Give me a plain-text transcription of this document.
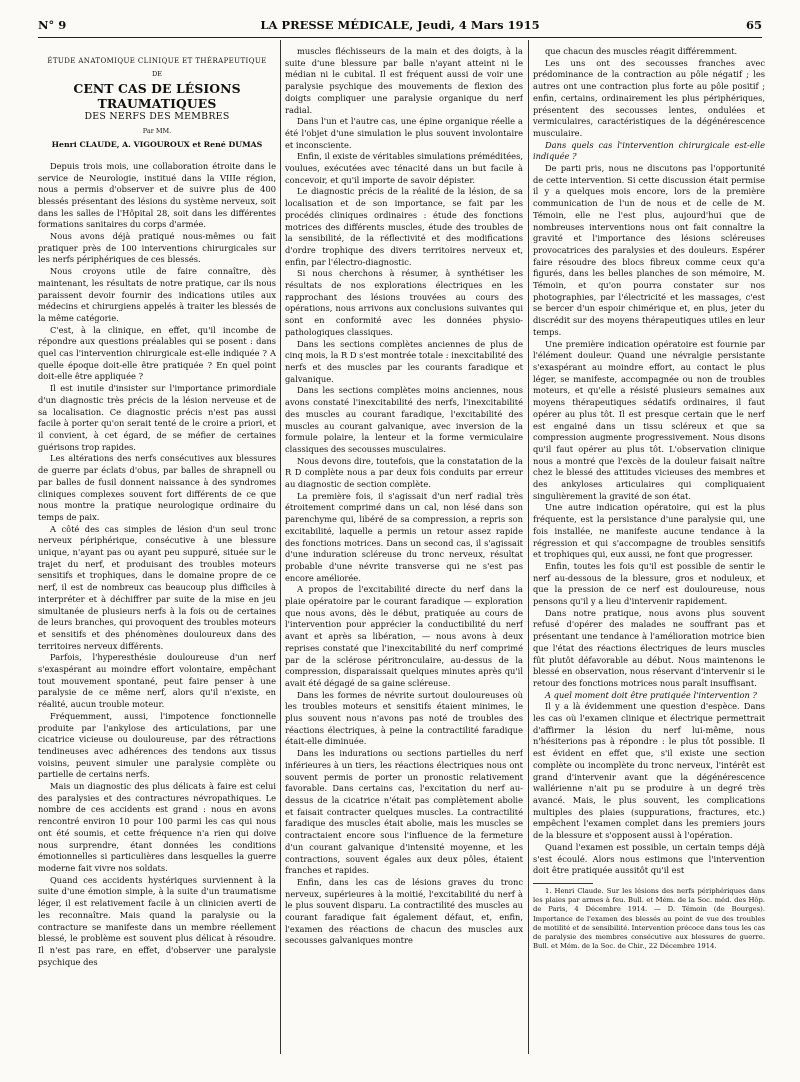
N° 9	LA PRESSE MÉDICALE, Jeudi, 4 Mars 1915	65
ÉTUDE ANATOMIQUE CLINIQUE ET THÉRAPEUTIQUE
DE
CENT CAS DE LÉSIONS TRAUMATIQUES
DES NERFS DES MEMBRES
Par MM.
Henri CLAUDE, A. VIGOUROUX et René DUMAS

Depuis trois mois, une collaboration étroite dans le service de Neurologie, institué dans la VIIIe région, nous a permis d'observer et de suivre plus de 400 blessés présentant des lésions du système nerveux, soit dans les salles de l'Hôpital 28, soit dans les différentes formations sanitaires du corps d'armée.

Nous avons déjà pratiqué nous-mêmes ou fait pratiquer près de 100 interventions chirurgicales sur les nerfs périphériques de ces blessés.

Nous croyons utile de faire connaître, dès maintenant, les résultats de notre pratique, car ils nous paraissent devoir fournir des indications utiles aux médecins et chirurgiens appelés à traiter les blessés de la même catégorie.

C'est, à la clinique, en effet, qu'il incombe de répondre aux questions préalables qui se posent : dans quel cas l'intervention chirurgicale est-elle indiquée ? A quelle époque doit-elle être pratiquée ? En quel point doit-elle être appliquée ?

Il est inutile d'insister sur l'importance primordiale d'un diagnostic très précis de la lésion nerveuse et de sa localisation. Ce diagnostic précis n'est pas aussi facile à porter qu'on serait tenté de le croire a priori, et il convient, à cet égard, de se méfier de certaines guérisons trop rapides.

Les altérations des nerfs consécutives aux blessures de guerre par éclats d'obus, par balles de shrapnell ou par balles de fusil donnent naissance à des syndromes cliniques complexes souvent fort différents de ce que nous montre la pratique neurologique ordinaire du temps de paix.

A côté des cas simples de lésion d'un seul tronc nerveux périphérique, consécutive à une blessure unique, n'ayant pas ou ayant peu suppuré, située sur le trajet du nerf, et produisant des troubles moteurs sensitifs et trophiques, dans le domaine propre de ce nerf, il est de nombreux cas beaucoup plus difficiles à interpréter et à déchiffrer par suite de la mise en jeu simultanée de plusieurs nerfs à la fois ou de certaines de leurs branches, qui provoquent des troubles moteurs et sensitifs et des phénomènes douloureux dans des territoires nerveux différents.

Parfois, l'hyperesthésie douloureuse d'un nerf s'exaspérant au moindre effort volontaire, empêchant tout mouvement spontané, peut faire penser à une paralysie de ce même nerf, alors qu'il n'existe, en réalité, aucun trouble moteur.

Fréquemment, aussi, l'impotence fonctionnelle produite par l'ankylose des articulations, par une cicatrice vicieuse ou douloureuse, par des rétractions tendineuses avec adhérences des tendons aux tissus voisins, peuvent simuler une paralysie complète ou partielle de certains nerfs.

Mais un diagnostic des plus délicats à faire est celui des paralysies et des contractures névropathiques. Le nombre de ces accidents est grand : nous en avons rencontré environ 10 pour 100 parmi les cas qui nous ont été soumis, et cette fréquence n'a rien qui doive nous surprendre, étant données les conditions émotionnelles si particulières dans lesquelles la guerre moderne fait vivre nos soldats.

Quand ces accidents hystériques surviennent à la suite d'une émotion simple, à la suite d'un traumatisme léger, il est relativement facile à un clinicien averti de les reconnaître. Mais quand la paralysie ou la contracture se manifeste dans un membre réellement blessé, le problème est souvent plus délicat à résoudre. Il n'est pas rare, en effet, d'observer une paralysie psychique des

muscles fléchisseurs de la main et des doigts, à la suite d'une blessure par balle n'ayant atteint ni le médian ni le cubital. Il est fréquent aussi de voir une paralysie psychique des mouvements de flexion des doigts compliquer une paralysie organique du nerf radial.

Dans l'un et l'autre cas, une épine organique réelle a été l'objet d'une simulation le plus souvent involontaire et inconsciente.

Enfin, il existe de véritables simulations préméditées, voulues, exécutées avec ténacité dans un but facile à concevoir, et qu'il importe de savoir dépister.

Le diagnostic précis de la réalité de la lésion, de sa localisation et de son importance, se fait par les procédés cliniques ordinaires : étude des fonctions motrices des différents muscles, étude des troubles de la sensibilité, de la réflectivité et des modifications d'ordre trophique des divers territoires nerveux et, enfin, par l'électro-diagnostic.

Si nous cherchons à résumer, à synthétiser les résultats de nos explorations électriques en les rapprochant des lésions trouvées au cours des opérations, nous arrivons aux conclusions suivantes qui sont en conformité avec les données physio-pathologiques classiques.

Dans les sections complètes anciennes de plus de cinq mois, la R D s'est montrée totale : inexcitabilité des nerfs et des muscles par les courants faradique et galvanique.

Dans les sections complètes moins anciennes, nous avons constaté l'inexcitabilité des nerfs, l'inexcitabilité des muscles au courant faradique, l'excitabilité des muscles au courant galvanique, avec inversion de la formule polaire, la lenteur et la forme vermiculaire classiques des secousses musculaires.

Nous devons dire, toutefois, que la constatation de la R D complète nous a par deux fois conduits par erreur au diagnostic de section complète.

La première fois, il s'agissait d'un nerf radial très étroitement comprimé dans un cal, non lésé dans son parenchyme qui, libéré de sa compression, a repris son excitabilité, laquelle a permis un retour assez rapide des fonctions motrices. Dans un second cas, il s'agissait d'une induration scléreuse du tronc nerveux, résultat probable d'une névrite transverse qui ne s'est pas encore améliorée.

A propos de l'excitabilité directe du nerf dans la plaie opératoire par le courant faradique — exploration que nous avons, dès le début, pratiquée au cours de l'intervention pour apprécier la conductibilité du nerf avant et après sa libération, — nous avons à deux reprises constaté que l'inexcitabilité du nerf comprimé par de la sclérose péritronculaire, au-dessus de la compression, disparaissait quelques minutes après qu'il avait été dégagé de sa gaine scléreuse.

Dans les formes de névrite surtout douloureuses où les troubles moteurs et sensitifs étaient minimes, le plus souvent nous n'avons pas noté de troubles des réactions électriques, à peine la contractilité faradique était-elle diminuée.

Dans les indurations ou sections partielles du nerf inférieures à un tiers, les réactions électriques nous ont souvent permis de porter un pronostic relativement favorable. Dans certains cas, l'excitation du nerf au-dessus de la cicatrice n'était pas complètement abolie et faisait contracter quelques muscles. La contractilité faradique des muscles était abolie, mais les muscles se contractaient encore sous l'influence de la fermeture d'un courant galvanique d'intensité moyenne, et les contractions, souvent égales aux deux pôles, étaient franches et rapides.

Enfin, dans les cas de lésions graves du tronc nerveux, supérieures à la moitié, l'excitabilité du nerf à le plus souvent disparu. La contractilité des muscles au courant faradique fait également défaut, et, enfin, l'examen des réactions de chacun des muscles aux secousses galvaniques montre

que chacun des muscles réagit différemment.

Les uns ont des secousses franches avec prédominance de la contraction au pôle négatif ; les autres ont une contraction plus forte au pôle positif ; enfin, certains, ordinairement les plus périphériques, présentent des secousses lentes, ondulées et vermiculaires, caractéristiques de la dégénérescence musculaire.

Dans quels cas l'intervention chirurgicale est-elle indiquée ?

De parti pris, nous ne discutons pas l'opportunité de cette intervention. Si cette discussion était permise il y a quelques mois encore, lors de la première communication de l'un de nous et de celle de M. Témoin, elle ne l'est plus, aujourd'hui que de nombreuses interventions nous ont fait connaître la gravité et l'importance des lésions scléreuses provocatrices des paralysies et des douleurs. Espérer faire résoudre des blocs fibreux comme ceux qu'a figurés, dans les belles planches de son mémoire, M. Témoin, et qu'on pourra constater sur nos photographies, par l'électricité et les massages, c'est se bercer d'un espoir chimérique et, en plus, jeter du discrédit sur des moyens thérapeutiques utiles en leur temps.

Une première indication opératoire est fournie par l'élément douleur. Quand une névralgie persistante s'exaspérant au moindre effort, au contact le plus léger, se manifeste, accompagnée ou non de troubles moteurs, et qu'elle a résisté plusieurs semaines aux moyens thérapeutiques sédatifs ordinaires, il faut opérer au plus tôt. Il est presque certain que le nerf est engainé dans un tissu scléreux et que sa compression augmente progressivement. Nous disons qu'il faut opérer au plus tôt. L'observation clinique nous a montré que l'excès de la douleur faisait naître chez le blessé des attitudes vicieuses des membres et des ankyloses articulaires qui compliquaient singulièrement la gravité de son état.

Une autre indication opératoire, qui est la plus fréquente, est la persistance d'une paralysie qui, une fois installée, ne manifeste aucune tendance à la régression et qui s'accompagne de troubles sensitifs et trophiques qui, eux aussi, ne font que progresser.

Enfin, toutes les fois qu'il est possible de sentir le nerf au-dessous de la blessure, gros et noduleux, et que la pression de ce nerf est douloureuse, nous pensons qu'il y a lieu d'intervenir rapidement.

Dans notre pratique, nous avons plus souvent refusé d'opérer des malades ne souffrant pas et présentant une tendance à l'amélioration motrice bien que l'état des réactions électriques de leurs muscles fût plutôt défavorable au début. Nous maintenons le blessé en observation, nous réservant d'intervenir si le retour des fonctions motrices nous paraît insuffisant.

A quel moment doit être pratiquée l'intervention ?

Il y a là évidemment une question d'espèce. Dans les cas où l'examen clinique et électrique permettrait d'affirmer la lésion du nerf lui-même, nous n'hésiterions pas à répondre : le plus tôt possible. Il est évident en effet que, s'il existe une section complète ou incomplète du tronc nerveux, l'intérêt est grand d'intervenir avant que la dégénérescence wallérienne n'ait pu se produire à un degré très avancé. Mais, le plus souvent, les complications multiples des plaies (suppurations, fractures, etc.) empêchent l'examen complet dans les premiers jours de la blessure et s'opposent aussi à l'opération.

Quand l'examen est possible, un certain temps déjà s'est écoulé. Alors nous estimons que l'intervention doit être pratiquée aussitôt qu'il est

1. Henri Claude. Sur les lésions des nerfs périphériques dans les plaies par armes à feu. Bull. et Mém. de la Soc. méd. des Hôp. de Paris, 4 Décembre 1914. — D. Témoin (de Bourges). Importance de l'examen des blessés au point de vue des troubles de motilité et de sensibilité. Intervention précoce dans tous les cas de paralysie des membres consécutive aux blessures de guerre. Bull. et Mém. de la Soc. de Chir., 22 Décembre 1914.
